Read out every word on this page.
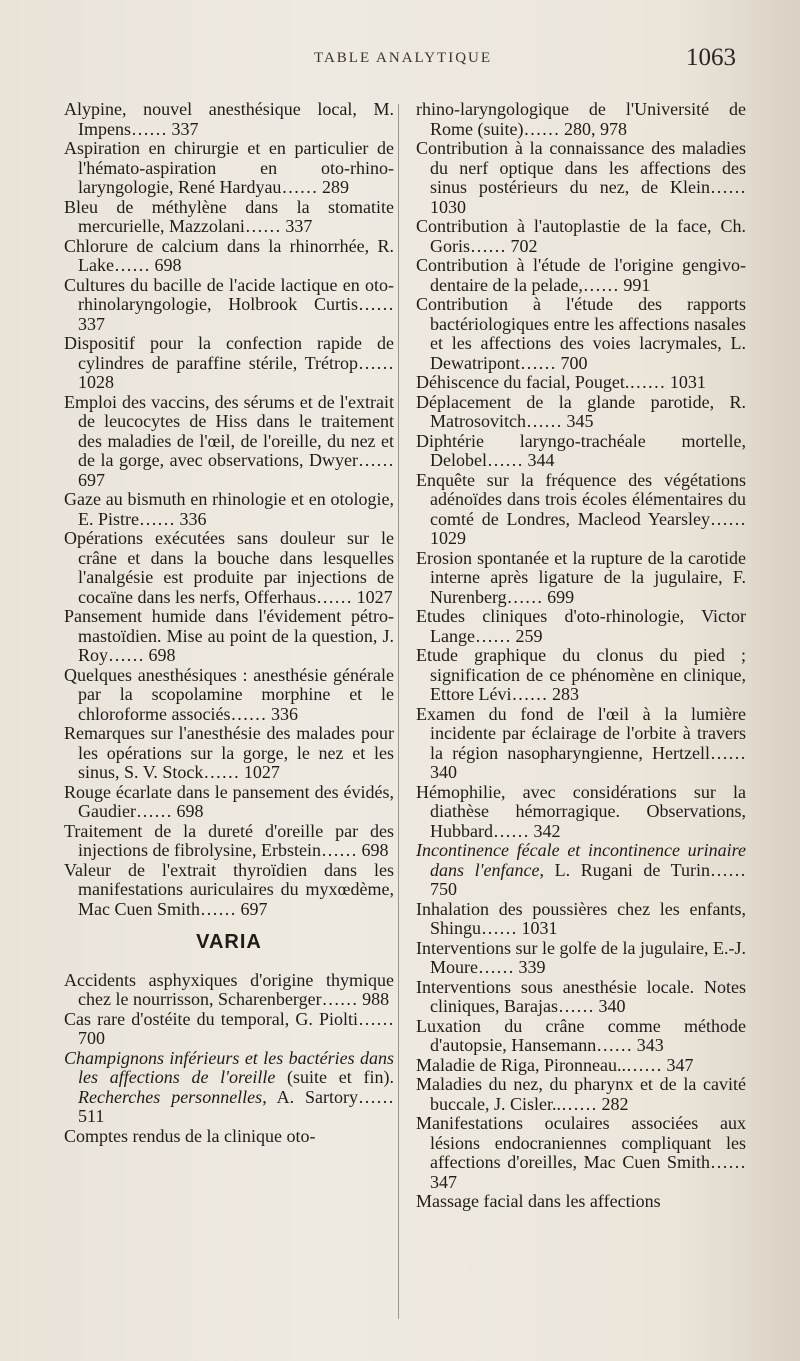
TABLE ANALYTIQUE	1063

Alypine, nouvel anesthésique local, M. Impens…… 337

Aspiration en chirurgie et en particulier de l'hémato-aspiration en oto-rhino-laryngologie, René Hardyau…… 289

Bleu de méthylène dans la stomatite mercurielle, Mazzolani…… 337

Chlorure de calcium dans la rhinorrhée, R. Lake…… 698

Cultures du bacille de l'acide lactique en oto-rhinolaryngologie, Holbrook Curtis…… 337

Dispositif pour la confection rapide de cylindres de paraffine stérile, Trétrop…… 1028

Emploi des vaccins, des sérums et de l'extrait de leucocytes de Hiss dans le traitement des maladies de l'œil, de l'oreille, du nez et de la gorge, avec observations, Dwyer…… 697

Gaze au bismuth en rhinologie et en otologie, E. Pistre…… 336

Opérations exécutées sans douleur sur le crâne et dans la bouche dans lesquelles l'analgésie est produite par injections de cocaïne dans les nerfs, Offerhaus…… 1027

Pansement humide dans l'évidement pétro-mastoïdien. Mise au point de la question, J. Roy…… 698

Quelques anesthésiques : anesthésie générale par la scopolamine morphine et le chloroforme associés…… 336

Remarques sur l'anesthésie des malades pour les opérations sur la gorge, le nez et les sinus, S. V. Stock…… 1027

Rouge écarlate dans le pansement des évidés, Gaudier…… 698

Traitement de la dureté d'oreille par des injections de fibrolysine, Erbstein…… 698

Valeur de l'extrait thyroïdien dans les manifestations auriculaires du myxœdème, Mac Cuen Smith…… 697

VARIA

Accidents asphyxiques d'origine thymique chez le nourrisson, Scharenberger…… 988

Cas rare d'ostéite du temporal, G. Piolti…… 700

Champignons inférieurs et les bactéries dans les affections de l'oreille (suite et fin). Recherches personnelles, A. Sartory…… 511

Comptes rendus de la clinique oto-

rhino-laryngologique de l'Université de Rome (suite)…… 280, 978

Contribution à la connaissance des maladies du nerf optique dans les affections des sinus postérieurs du nez, de Klein…… 1030

Contribution à l'autoplastie de la face, Ch. Goris…… 702

Contribution à l'étude de l'origine gengivo-dentaire de la pelade,…… 991

Contribution à l'étude des rapports bactériologiques entre les affections nasales et les affections des voies lacrymales, L. Dewatripont…… 700

Déhiscence du facial, Pouget.…… 1031

Déplacement de la glande parotide, R. Matrosovitch…… 345

Diphtérie laryngo-trachéale mortelle, Delobel…… 344

Enquête sur la fréquence des végétations adénoïdes dans trois écoles élémentaires du comté de Londres, Macleod Yearsley…… 1029

Erosion spontanée et la rupture de la carotide interne après ligature de la jugulaire, F. Nurenberg…… 699

Etudes cliniques d'oto-rhinologie, Victor Lange…… 259

Etude graphique du clonus du pied ; signification de ce phénomène en clinique, Ettore Lévi…… 283

Examen du fond de l'œil à la lumière incidente par éclairage de l'orbite à travers la région nasopharyngienne, Hertzell…… 340

Hémophilie, avec considérations sur la diathèse hémorragique. Observations, Hubbard…… 342

Incontinence fécale et incontinence urinaire dans l'enfance, L. Rugani de Turin…… 750

Inhalation des poussières chez les enfants, Shingu…… 1031

Interventions sur le golfe de la jugulaire, E.-J. Moure…… 339

Interventions sous anesthésie locale. Notes cliniques, Barajas…… 340

Luxation du crâne comme méthode d'autopsie, Hansemann…… 343

Maladie de Riga, Pironneau..…… 347

Maladies du nez, du pharynx et de la cavité buccale, J. Cisler..…… 282

Manifestations oculaires associées aux lésions endocraniennes compliquant les affections d'oreilles, Mac Cuen Smith…… 347

Massage facial dans les affections
